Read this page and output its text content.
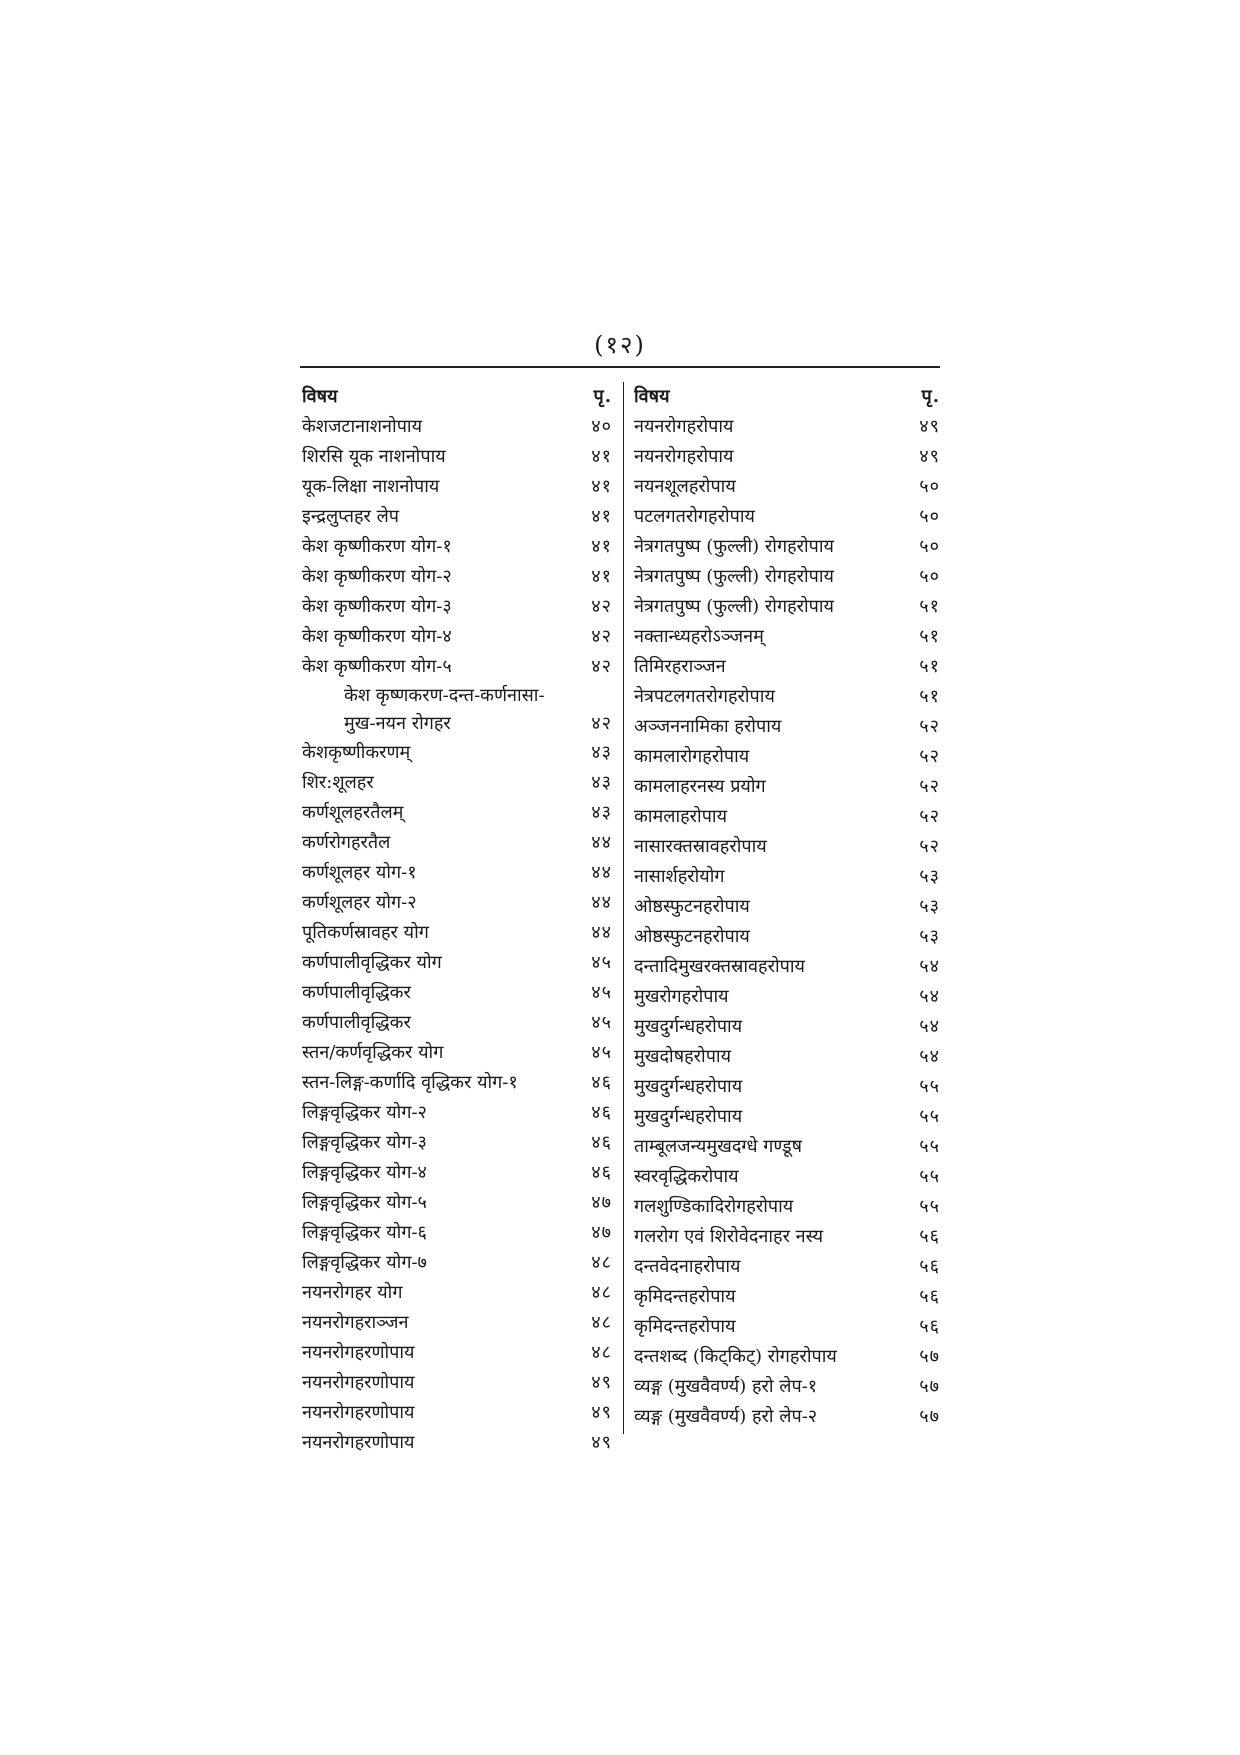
(१२)
विषय	पृ.
केशजटानाशनोपाय	४०
शिरसि यूक नाशनोपाय	४१
यूक-लिक्षा नाशनोपाय	४१
इन्द्रलुप्तहर लेप	४१
केश कृष्णीकरण योग-१	४१
केश कृष्णीकरण योग-२	४१
केश कृष्णीकरण योग-३	४२
केश कृष्णीकरण योग-४	४२
केश कृष्णीकरण योग-५	४२
केश कृष्णकरण-दन्त-कर्णनासा-
मुख-नयन रोगहर	४२
केशकृष्णीकरणम्	४३
शिर:शूलहर	४३
कर्णशूलहरतैलम्	४३
कर्णरोगहरतैल	४४
कर्णशूलहर योग-१	४४
कर्णशूलहर योग-२	४४
पूतिकर्णस्रावहर योग	४४
कर्णपालीवृद्धिकर योग	४५
कर्णपालीवृद्धिकर	४५
कर्णपालीवृद्धिकर	४५
स्तन/कर्णवृद्धिकर योग	४५
स्तन-लिङ्ग-कर्णादि वृद्धिकर योग-१	४६
लिङ्गवृद्धिकर योग-२	४६
लिङ्गवृद्धिकर योग-३	४६
लिङ्गवृद्धिकर योग-४	४६
लिङ्गवृद्धिकर योग-५	४७
लिङ्गवृद्धिकर योग-६	४७
लिङ्गवृद्धिकर योग-७	४८
नयनरोगहर योग	४८
नयनरोगहराञ्जन	४८
नयनरोगहरणोपाय	४८
नयनरोगहरणोपाय	४९
नयनरोगहरणोपाय	४९
नयनरोगहरणोपाय	४९
विषय	पृ.
नयनरोगहरोपाय	४९
नयनरोगहरोपाय	४९
नयनशूलहरोपाय	५०
पटलगतरोगहरोपाय	५०
नेत्रगतपुष्प (फुल्ली) रोगहरोपाय	५०
नेत्रगतपुष्प (फुल्ली) रोगहरोपाय	५०
नेत्रगतपुष्प (फुल्ली) रोगहरोपाय	५१
नक्तान्ध्यहरोऽञ्जनम्	५१
तिमिरहराञ्जन	५१
नेत्रपटलगतरोगहरोपाय	५१
अञ्जननामिका हरोपाय	५२
कामलारोगहरोपाय	५२
कामलाहरनस्य प्रयोग	५२
कामलाहरोपाय	५२
नासारक्तस्रावहरोपाय	५२
नासार्शहरोयोग	५३
ओष्ठस्फुटनहरोपाय	५३
ओष्ठस्फुटनहरोपाय	५३
दन्तादिमुखरक्तस्रावहरोपाय	५४
मुखरोगहरोपाय	५४
मुखदुर्गन्धहरोपाय	५४
मुखदोषहरोपाय	५४
मुखदुर्गन्धहरोपाय	५५
मुखदुर्गन्धहरोपाय	५५
ताम्बूलजन्यमुखदग्धे गण्डूष	५५
स्वरवृद्धिकरोपाय	५५
गलशुण्डिकादिरोगहरोपाय	५५
गलरोग एवं शिरोवेदनाहर नस्य	५६
दन्तवेदनाहरोपाय	५६
कृमिदन्तहरोपाय	५६
कृमिदन्तहरोपाय	५६
दन्तशब्द (किट्किट्) रोगहरोपाय	५७
व्यङ्ग (मुखवैवर्ण्य) हरो लेप-१	५७
व्यङ्ग (मुखवैवर्ण्य) हरो लेप-२	५७
